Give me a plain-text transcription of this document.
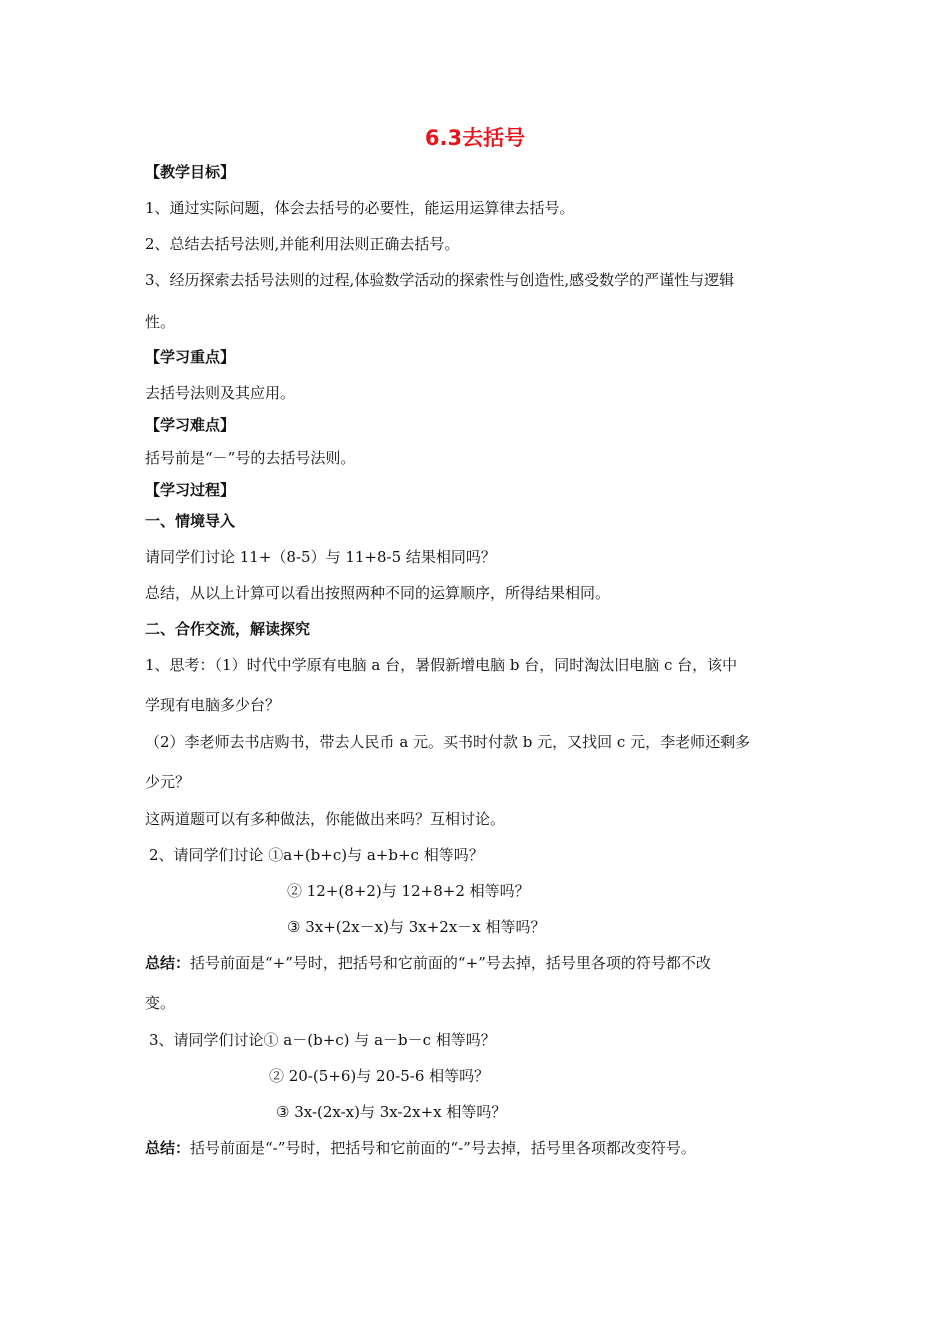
6.3去括号
【教学目标】
1、通过实际问题，体会去括号的必要性，能运用运算律去括号。
2、总结去括号法则,并能利用法则正确去括号。
3、经历探索去括号法则的过程,体验数学活动的探索性与创造性,感受数学的严谨性与逻辑
性。
【学习重点】
去括号法则及其应用。
【学习难点】
括号前是“－”号的去括号法则。
【学习过程】
一、情境导入
请同学们讨论 11+（8-5）与 11+8-5 结果相同吗？
总结，从以上计算可以看出按照两种不同的运算顺序，所得结果相同。
二、合作交流，解读探究
1、思考：（1）时代中学原有电脑 a 台，暑假新增电脑 b 台，同时淘汰旧电脑 c 台，该中
学现有电脑多少台？
（2）李老师去书店购书，带去人民币 a 元。买书时付款 b 元，又找回 c 元，李老师还剩多
少元？
这两道题可以有多种做法，你能做出来吗？互相讨论。
2、请同学们讨论 ①a+(b+c)与 a+b+c 相等吗？
② 12+(8+2)与 12+8+2 相等吗？
③ 3x+(2x－x)与 3x+2x－x 相等吗？
总结：括号前面是“+”号时，把括号和它前面的“+”号去掉，括号里各项的符号都不改
变。
3、请同学们讨论① a－(b+c) 与 a－b－c 相等吗？
② 20-(5+6)与 20-5-6 相等吗？
③ 3x-(2x-x)与 3x-2x+x 相等吗？
总结：括号前面是“-”号时，把括号和它前面的“-”号去掉，括号里各项都改变符号。
